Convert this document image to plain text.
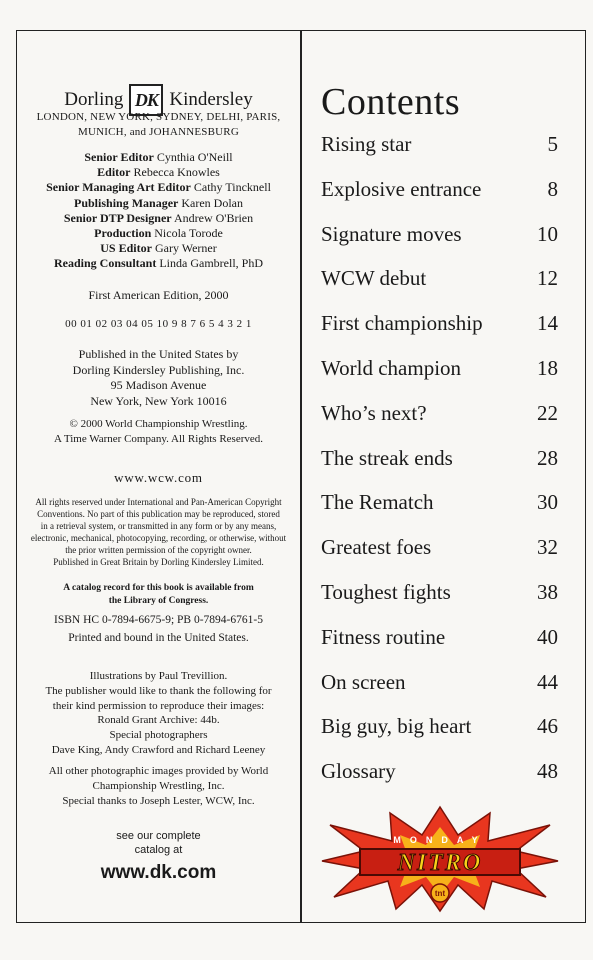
Dorling DK Kindersley
LONDON, NEW YORK, SYDNEY, DELHI, PARIS, MUNICH, and JOHANNESBURG
Senior Editor Cynthia O'Neill
Editor Rebecca Knowles
Senior Managing Art Editor Cathy Tincknell
Publishing Manager Karen Dolan
Senior DTP Designer Andrew O'Brien
Production Nicola Torode
US Editor Gary Werner
Reading Consultant Linda Gambrell, PhD
First American Edition, 2000
00 01 02 03 04 05 10 9 8 7 6 5 4 3 2 1
Published in the United States by
Dorling Kindersley Publishing, Inc.
95 Madison Avenue
New York, New York 10016
© 2000 World Championship Wrestling.
A Time Warner Company. All Rights Reserved.
www.wcw.com
All rights reserved under International and Pan-American Copyright
Conventions. No part of this publication may be reproduced, stored
in a retrieval system, or transmitted in any form or by any means,
electronic, mechanical, photocopying, recording, or otherwise, without
the prior written permission of the copyright owner.
Published in Great Britain by Dorling Kindersley Limited.
A catalog record for this book is available from
the Library of Congress.
ISBN HC 0-7894-6675-9; PB 0-7894-6761-5
Printed and bound in the United States.
Illustrations by Paul Trevillion.
The publisher would like to thank the following for
their kind permission to reproduce their images:
Ronald Grant Archive: 44b.
Special photographers
Dave King, Andy Crawford and Richard Leeney
All other photographic images provided by World
Championship Wrestling, Inc.
Special thanks to Joseph Lester, WCW, Inc.
see our complete
catalog at
www.dk.com
Contents
Rising star	5
Explosive entrance	8
Signature moves	10
WCW debut	12
First championship	14
World champion	18
Who’s next?	22
The streak ends	28
The Rematch	30
Greatest foes	32
Toughest fights	38
Fitness routine	40
On screen	44
Big guy, big heart	46
Glossary	48
MONDAY
NITRO
tnt
